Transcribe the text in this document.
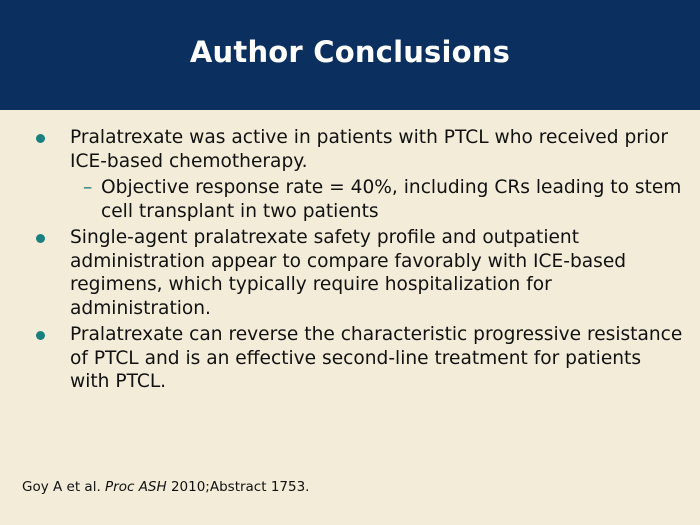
Author Conclusions
Pralatrexate was active in patients with PTCL who received prior ICE-based chemotherapy.
– Objective response rate = 40%, including CRs leading to stem cell transplant in two patients
Single-agent pralatrexate safety profile and outpatient administration appear to compare favorably with ICE-based regimens, which typically require hospitalization for administration.
Pralatrexate can reverse the characteristic progressive resistance of PTCL and is an effective second-line treatment for patients with PTCL.
Goy A et al. Proc ASH 2010;Abstract 1753.
